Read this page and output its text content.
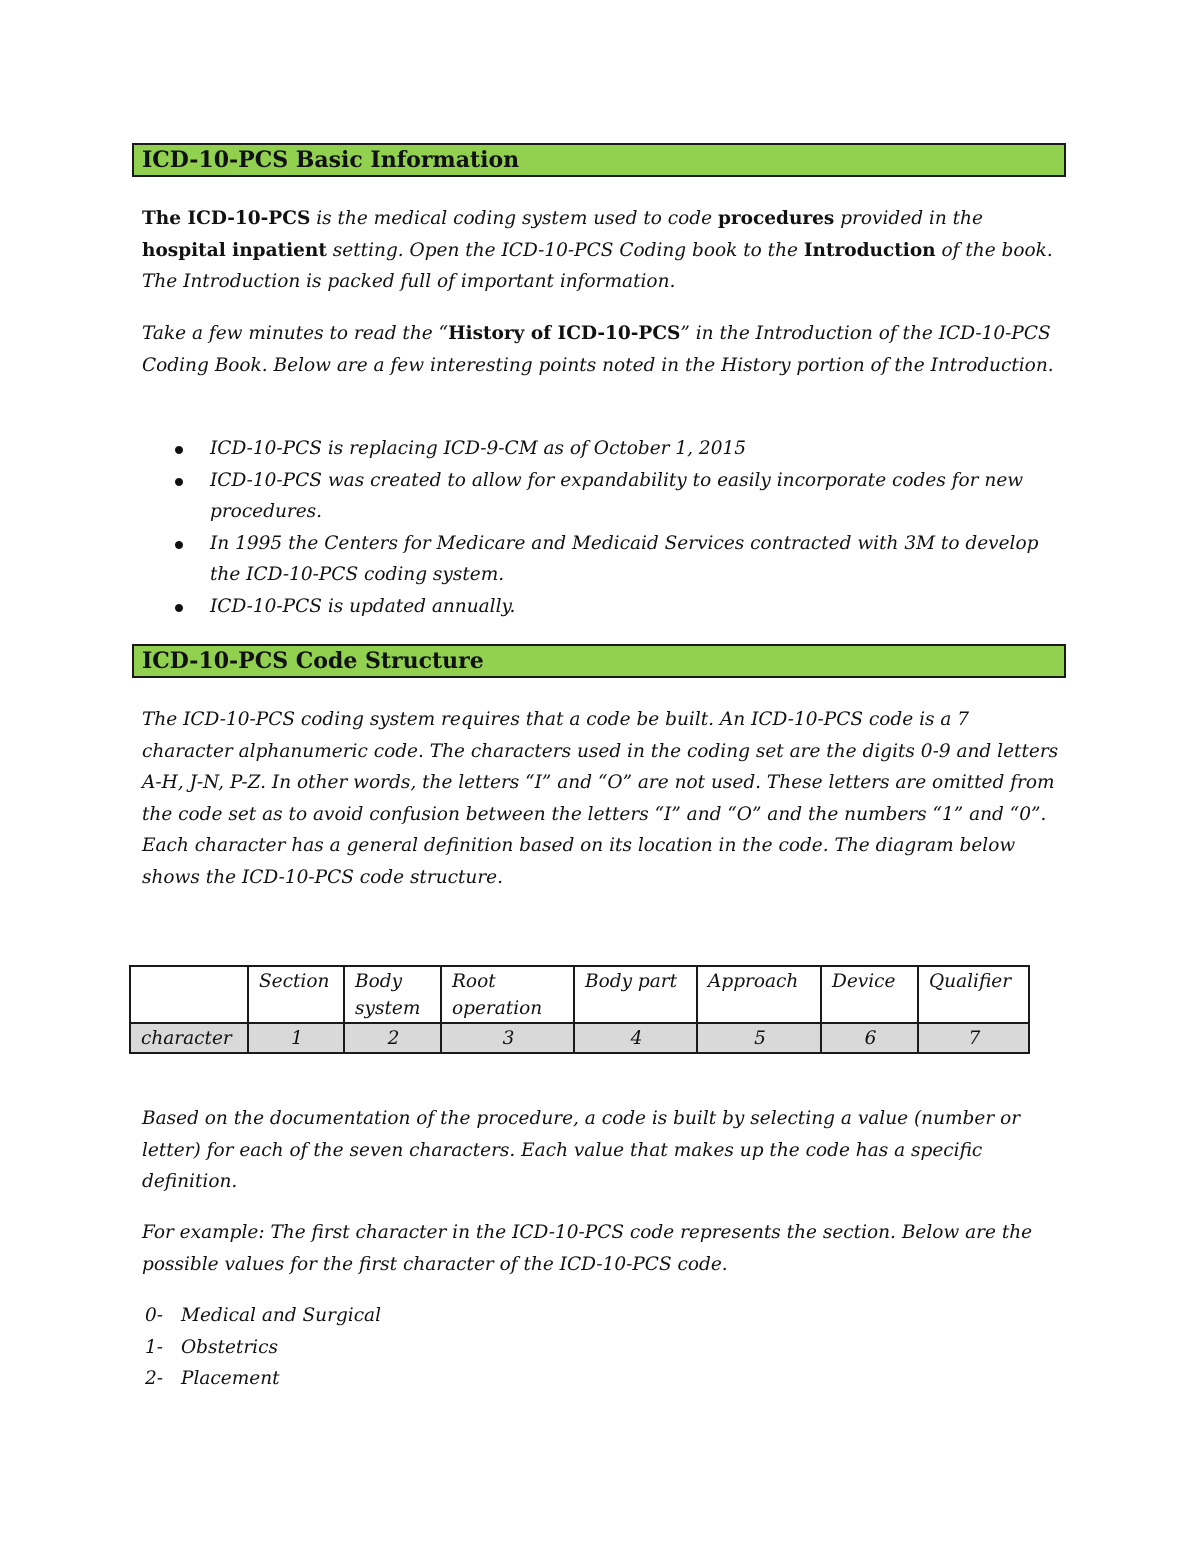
ICD-10-PCS Basic Information

The ICD-10-PCS is the medical coding system used to code procedures provided in the hospital inpatient setting. Open the ICD-10-PCS Coding book to the Introduction of the book. The Introduction is packed full of important information.

Take a few minutes to read the “History of ICD-10-PCS” in the Introduction of the ICD-10-PCS Coding Book. Below are a few interesting points noted in the History portion of the Introduction.

ICD-10-PCS is replacing ICD-9-CM as of October 1, 2015
ICD-10-PCS was created to allow for expandability to easily incorporate codes for new procedures.
In 1995 the Centers for Medicare and Medicaid Services contracted with 3M to develop the ICD-10-PCS coding system.
ICD-10-PCS is updated annually.
ICD-10-PCS Code Structure

The ICD-10-PCS coding system requires that a code be built. An ICD-10-PCS code is a 7 character alphanumeric code. The characters used in the coding set are the digits 0-9 and letters A-H, J-N, P-Z. In other words, the letters “I” and “O” are not used. These letters are omitted from the code set as to avoid confusion between the letters “I” and “O” and the numbers “1” and “0”. Each character has a general definition based on its location in the code. The diagram below shows the ICD-10-PCS code structure.

	Section	Body system	Root operation	Body part	Approach	Device	Qualifier
character	1	2	3	4	5	6	7

Based on the documentation of the procedure, a code is built by selecting a value (number or letter) for each of the seven characters. Each value that makes up the code has a specific definition.

For example: The first character in the ICD-10-PCS code represents the section. Below are the possible values for the first character of the ICD-10-PCS code.

0- Medical and Surgical
1- Obstetrics
2- Placement
